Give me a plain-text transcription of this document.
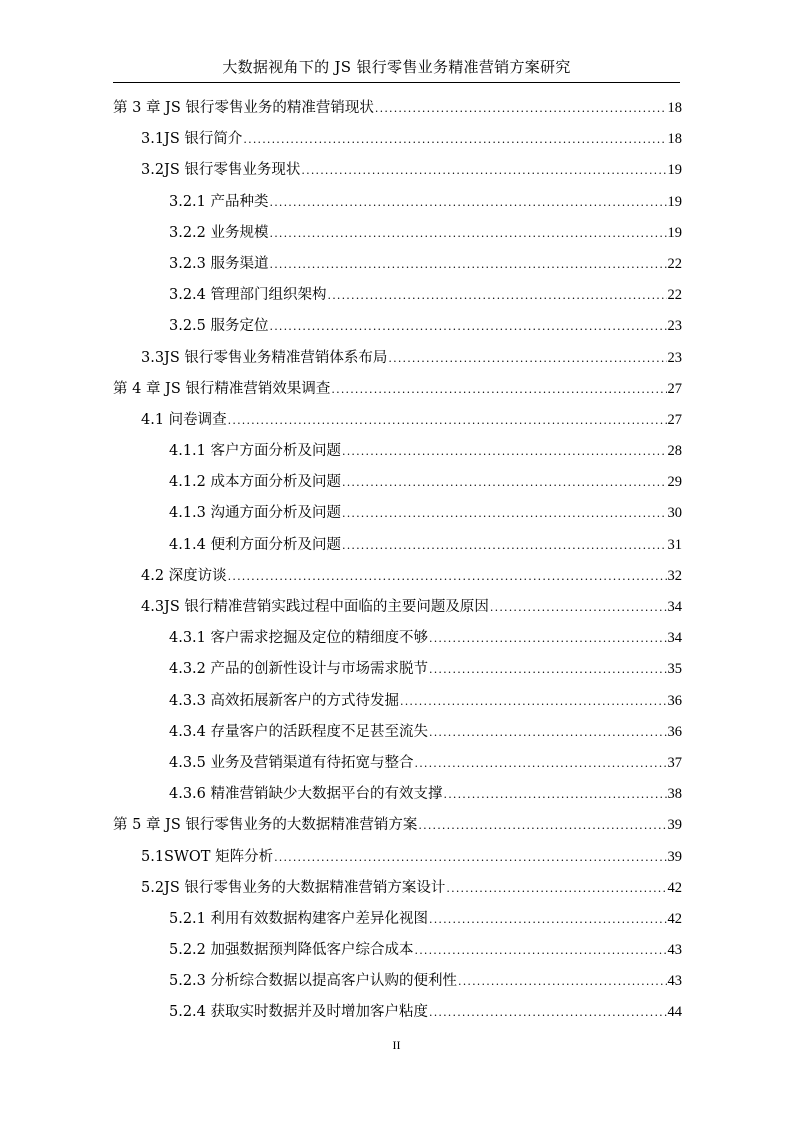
大数据视角下的 JS 银行零售业务精准营销方案研究
第 3 章 JS 银行零售业务的精准营销现状 .....	18
3.1JS 银行简介 .....	18
3.2JS 银行零售业务现状 .....	19
3.2.1 产品种类 .....	19
3.2.2 业务规模 .....	19
3.2.3 服务渠道 .....	22
3.2.4 管理部门组织架构 .....	22
3.2.5 服务定位 .....	23
3.3JS 银行零售业务精准营销体系布局 .....	23
第 4 章 JS 银行精准营销效果调查 .....	27
4.1 问卷调查 .....	27
4.1.1 客户方面分析及问题 .....	28
4.1.2 成本方面分析及问题 .....	29
4.1.3 沟通方面分析及问题 .....	30
4.1.4 便利方面分析及问题 .....	31
4.2 深度访谈 .....	32
4.3JS 银行精准营销实践过程中面临的主要问题及原因 .....	34
4.3.1 客户需求挖掘及定位的精细度不够 .....	34
4.3.2 产品的创新性设计与市场需求脱节 .....	35
4.3.3 高效拓展新客户的方式待发掘 .....	36
4.3.4 存量客户的活跃程度不足甚至流失 .....	36
4.3.5 业务及营销渠道有待拓宽与整合 .....	37
4.3.6 精准营销缺少大数据平台的有效支撑 .....	38
第 5 章 JS 银行零售业务的大数据精准营销方案 .....	39
5.1SWOT 矩阵分析 .....	39
5.2JS 银行零售业务的大数据精准营销方案设计 .....	42
5.2.1 利用有效数据构建客户差异化视图 .....	42
5.2.2 加强数据预判降低客户综合成本 .....	43
5.2.3 分析综合数据以提高客户认购的便利性 .....	43
5.2.4 获取实时数据并及时增加客户粘度 .....	44
II
